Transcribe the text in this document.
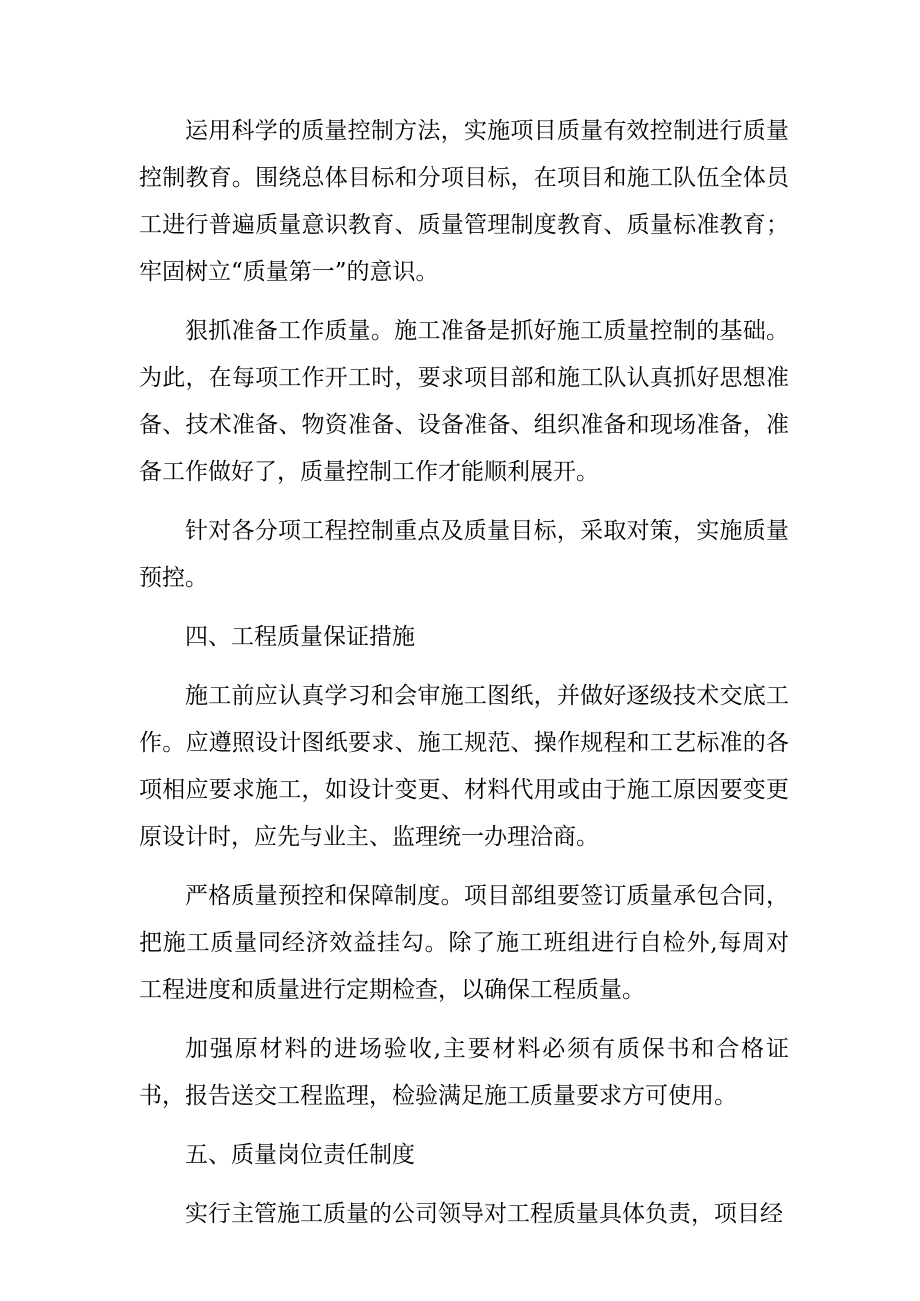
运用科学的质量控制方法，实施项目质量有效控制进行质量控制教育。围绕总体目标和分项目标，在项目和施工队伍全体员工进行普遍质量意识教育、质量管理制度教育、质量标准教育；牢固树立“质量第一”的意识。

狠抓准备工作质量。施工准备是抓好施工质量控制的基础。为此，在每项工作开工时，要求项目部和施工队认真抓好思想准备、技术准备、物资准备、设备准备、组织准备和现场准备，准备工作做好了，质量控制工作才能顺利展开。

针对各分项工程控制重点及质量目标，采取对策，实施质量预控。

四、工程质量保证措施

施工前应认真学习和会审施工图纸，并做好逐级技术交底工作。应遵照设计图纸要求、施工规范、操作规程和工艺标准的各项相应要求施工，如设计变更、材料代用或由于施工原因要变更原设计时，应先与业主、监理统一办理洽商。

严格质量预控和保障制度。项目部组要签订质量承包合同，把施工质量同经济效益挂勾。除了施工班组进行自检外,每周对工程进度和质量进行定期检查，以确保工程质量。

加强原材料的进场验收,主要材料必须有质保书和合格证书，报告送交工程监理，检验满足施工质量要求方可使用。

五、质量岗位责任制度

实行主管施工质量的公司领导对工程质量具体负责，项目经
